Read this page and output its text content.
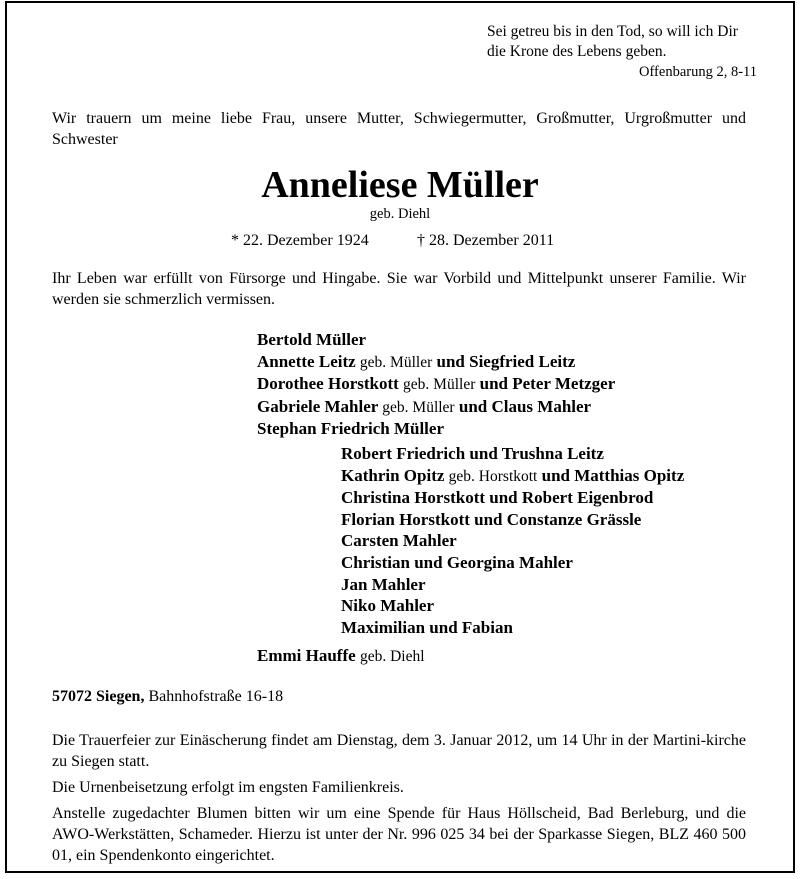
Sei getreu bis in den Tod, so will ich Dir
die Krone des Lebens geben.
Offenbarung 2, 8-11
Wir trauern um meine liebe Frau, unsere Mutter, Schwiegermutter, Großmutter, Urgroßmutter und Schwester
Anneliese Müller
geb. Diehl
* 22. Dezember 1924	† 28. Dezember 2011
Ihr Leben war erfüllt von Fürsorge und Hingabe. Sie war Vorbild und Mittelpunkt unserer Familie. Wir werden sie schmerzlich vermissen.
Bertold Müller
Annette Leitz geb. Müller und Siegfried Leitz
Dorothee Horstkott geb. Müller und Peter Metzger
Gabriele Mahler geb. Müller und Claus Mahler
Stephan Friedrich Müller
Robert Friedrich und Trushna Leitz
Kathrin Opitz geb. Horstkott und Matthias Opitz
Christina Horstkott und Robert Eigenbrod
Florian Horstkott und Constanze Grässle
Carsten Mahler
Christian und Georgina Mahler
Jan Mahler
Niko Mahler
Maximilian und Fabian
Emmi Hauffe geb. Diehl
57072 Siegen, Bahnhofstraße 16-18

Die Trauerfeier zur Einäscherung findet am Dienstag, dem 3. Januar 2012, um 14 Uhr in der Martini-kirche zu Siegen statt.

Die Urnenbeisetzung erfolgt im engsten Familienkreis.

Anstelle zugedachter Blumen bitten wir um eine Spende für Haus Höllscheid, Bad Berleburg, und die AWO-Werkstätten, Schameder. Hierzu ist unter der Nr. 996 025 34 bei der Sparkasse Siegen, BLZ 460 500 01, ein Spendenkonto eingerichtet.
